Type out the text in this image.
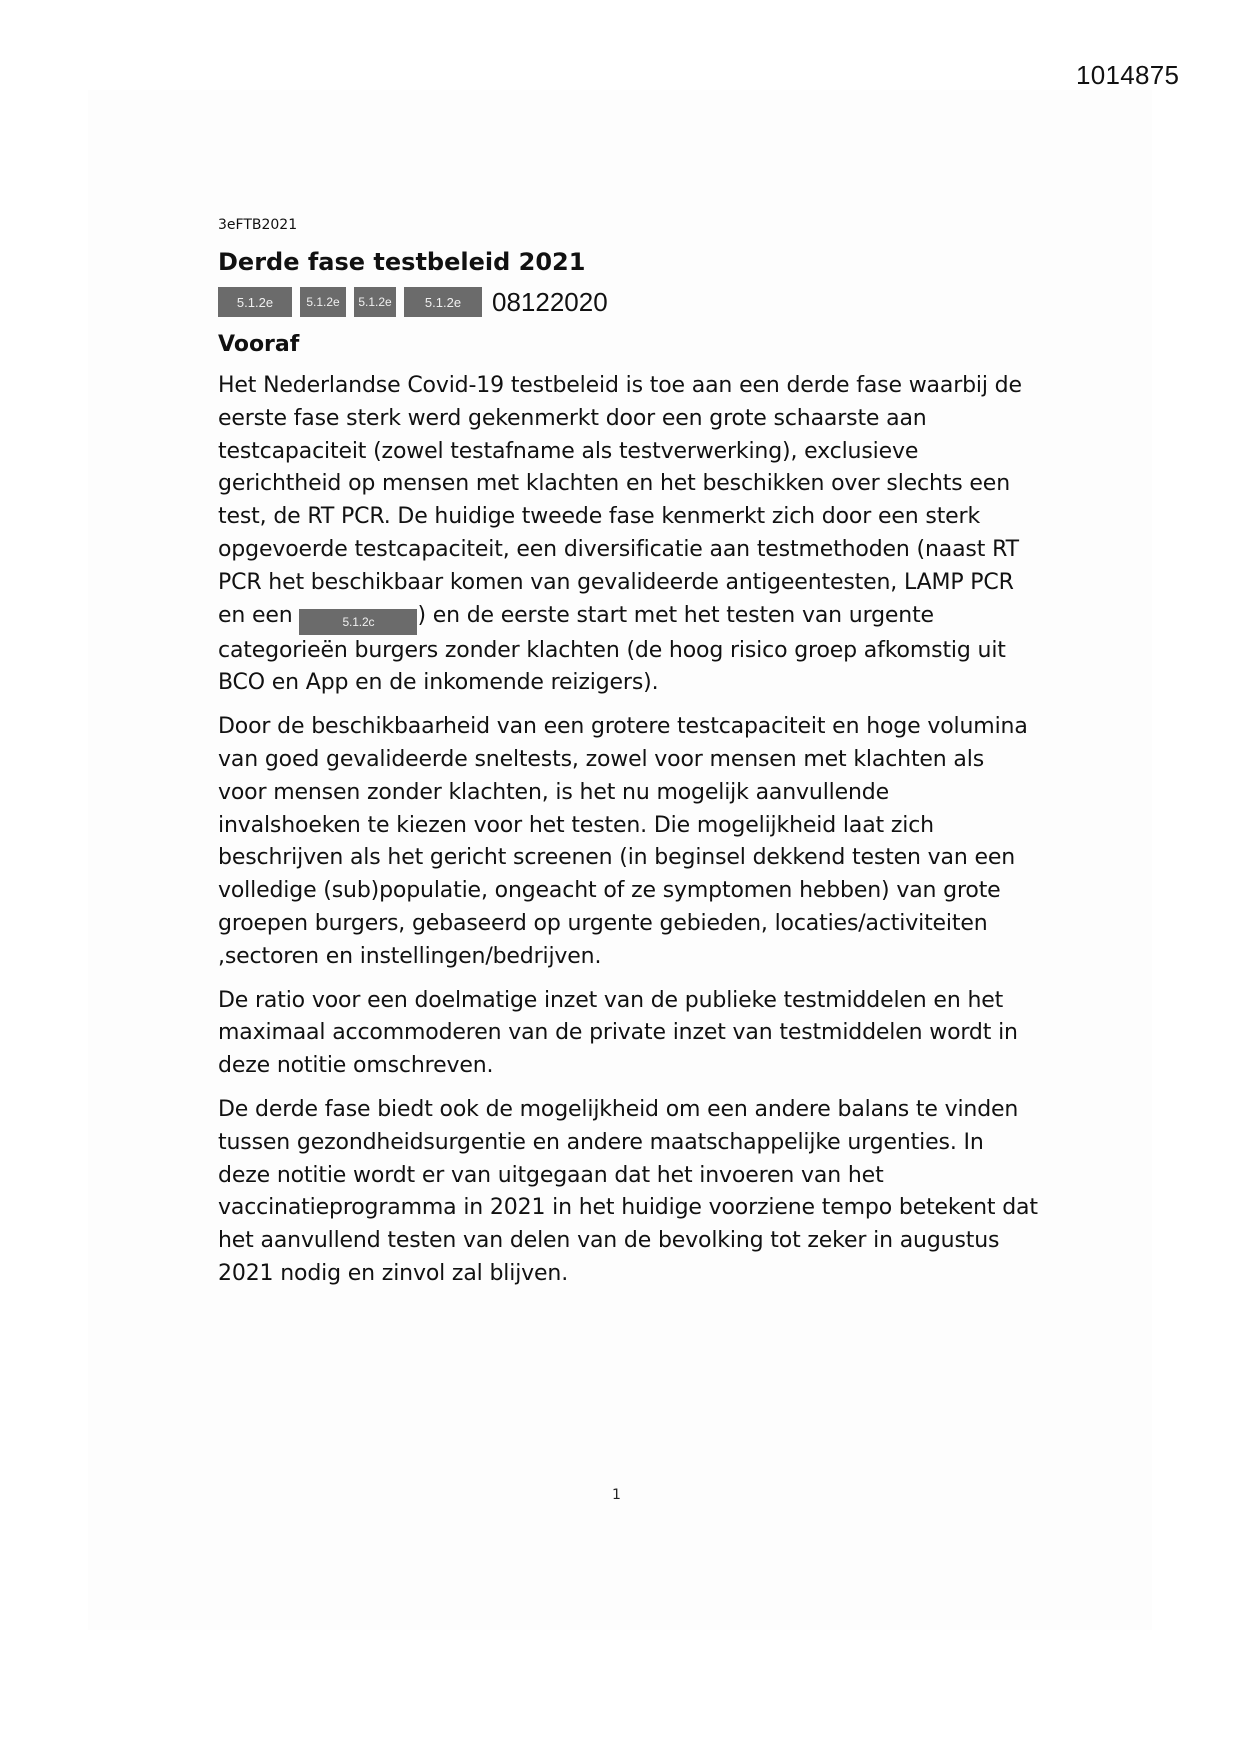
1014875

3eFTB2021

Derde fase testbeleid 2021
5.1.2e	5.1.2e	5.1.2e	5.1.2e	08122020
Vooraf

Het Nederlandse Covid-19 testbeleid is toe aan een derde fase waarbij de eerste fase sterk werd gekenmerkt door een grote schaarste aan testcapaciteit (zowel testafname als testverwerking), exclusieve gerichtheid op mensen met klachten en het beschikken over slechts een test, de RT PCR. De huidige tweede fase kenmerkt zich door een sterk opgevoerde testcapaciteit, een diversificatie aan testmethoden (naast RT PCR het beschikbaar komen van gevalideerde antigeentesten, LAMP PCR en een	5.1.2c ) en de eerste start met het testen van urgente categorieën burgers zonder klachten (de hoog risico groep afkomstig uit BCO en App en de inkomende reizigers).

Door de beschikbaarheid van een grotere testcapaciteit en hoge volumina van goed gevalideerde sneltests, zowel voor mensen met klachten als voor mensen zonder klachten, is het nu mogelijk aanvullende invalshoeken te kiezen voor het testen. Die mogelijkheid laat zich beschrijven als het gericht screenen (in beginsel dekkend testen van een volledige (sub)populatie, ongeacht of ze symptomen hebben) van grote groepen burgers, gebaseerd op urgente gebieden, locaties/activiteiten ,sectoren en instellingen/bedrijven.

De ratio voor een doelmatige inzet van de publieke testmiddelen en het maximaal accommoderen van de private inzet van testmiddelen wordt in deze notitie omschreven.

De derde fase biedt ook de mogelijkheid om een andere balans te vinden tussen gezondheidsurgentie en andere maatschappelijke urgenties. In deze notitie wordt er van uitgegaan dat het invoeren van het vaccinatieprogramma in 2021 in het huidige voorziene tempo betekent dat het aanvullend testen van delen van de bevolking tot zeker in augustus 2021 nodig en zinvol zal blijven.

1
